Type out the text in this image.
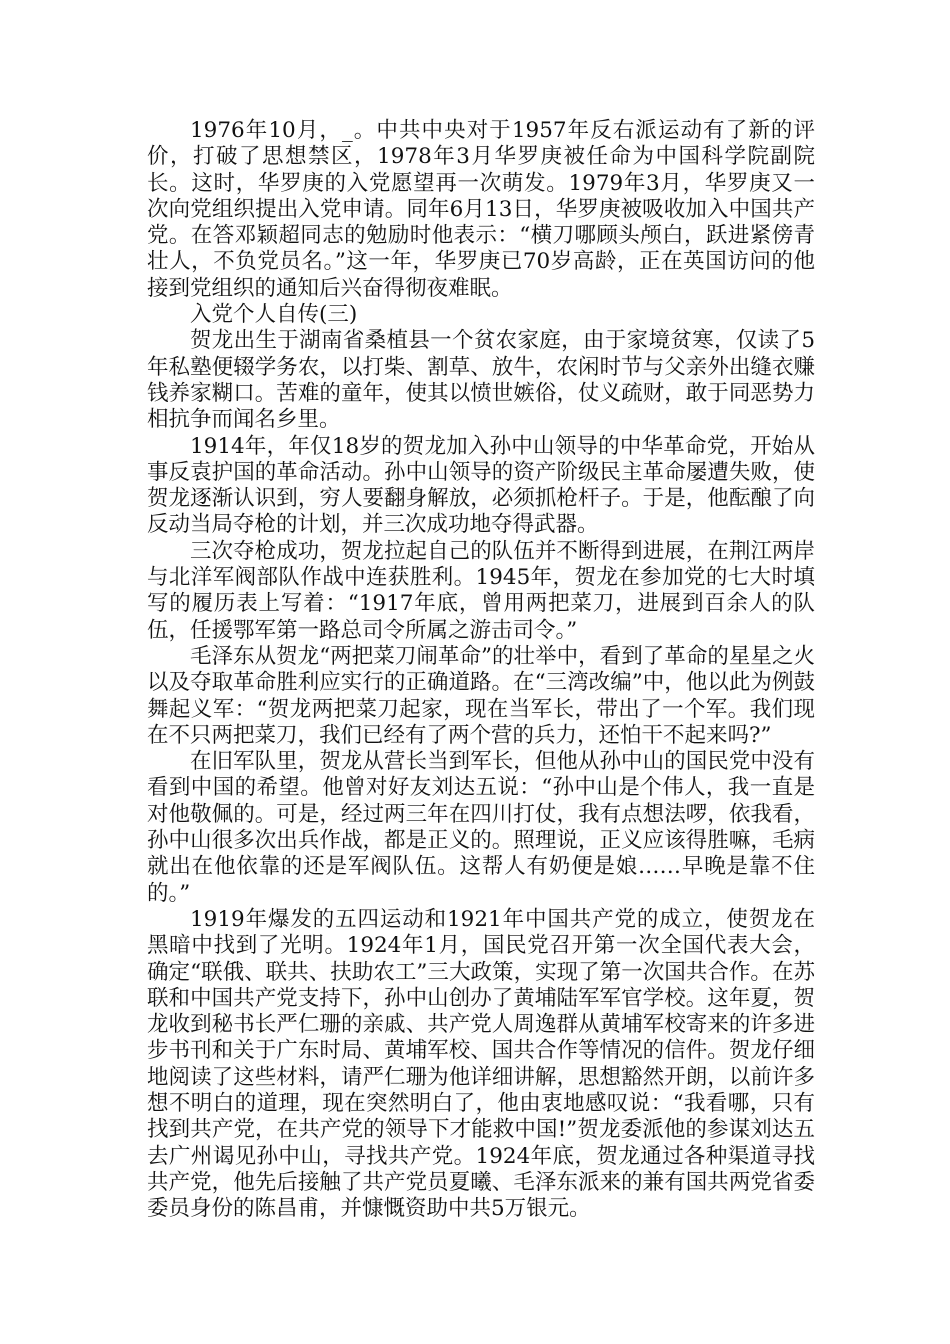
1976年10月，_。中共中央对于1957年反右派运动有了新的评价，打破了思想禁区，1978年3月华罗庚被任命为中国科学院副院长。这时，华罗庚的入党愿望再一次萌发。1979年3月，华罗庚又一次向党组织提出入党申请。同年6月13日，华罗庚被吸收加入中国共产党。在答邓颖超同志的勉励时他表示：“横刀哪顾头颅白，跃进紧傍青壮人，不负党员名。”这一年，华罗庚已70岁高龄，正在英国访问的他接到党组织的通知后兴奋得彻夜难眠。

入党个人自传(三)

贺龙出生于湖南省桑植县一个贫农家庭，由于家境贫寒，仅读了5年私塾便辍学务农，以打柴、割草、放牛，农闲时节与父亲外出缝衣赚钱养家糊口。苦难的童年，使其以愤世嫉俗，仗义疏财，敢于同恶势力相抗争而闻名乡里。

1914年，年仅18岁的贺龙加入孙中山领导的中华革命党，开始从事反袁护国的革命活动。孙中山领导的资产阶级民主革命屡遭失败，使贺龙逐渐认识到，穷人要翻身解放，必须抓枪杆子。于是，他酝酿了向反动当局夺枪的计划，并三次成功地夺得武器。

三次夺枪成功，贺龙拉起自己的队伍并不断得到进展，在荆江两岸与北洋军阀部队作战中连获胜利。1945年，贺龙在参加党的七大时填写的履历表上写着：“1917年底，曾用两把菜刀，进展到百余人的队伍，任援鄂军第一路总司令所属之游击司令。”

毛泽东从贺龙“两把菜刀闹革命”的壮举中，看到了革命的星星之火以及夺取革命胜利应实行的正确道路。在“三湾改编”中，他以此为例鼓舞起义军：“贺龙两把菜刀起家，现在当军长，带出了一个军。我们现在不只两把菜刀，我们已经有了两个营的兵力，还怕干不起来吗?”

在旧军队里，贺龙从营长当到军长，但他从孙中山的国民党中没有看到中国的希望。他曾对好友刘达五说：“孙中山是个伟人，我一直是对他敬佩的。可是，经过两三年在四川打仗，我有点想法啰，依我看，孙中山很多次出兵作战，都是正义的。照理说，正义应该得胜嘛，毛病就出在他依靠的还是军阀队伍。这帮人有奶便是娘……早晚是靠不住的。”

1919年爆发的五四运动和1921年中国共产党的成立，使贺龙在黑暗中找到了光明。1924年1月，国民党召开第一次全国代表大会，确定“联俄、联共、扶助农工”三大政策，实现了第一次国共合作。在苏联和中国共产党支持下，孙中山创办了黄埔陆军军官学校。这年夏，贺龙收到秘书长严仁珊的亲戚、共产党人周逸群从黄埔军校寄来的许多进步书刊和关于广东时局、黄埔军校、国共合作等情况的信件。贺龙仔细地阅读了这些材料，请严仁珊为他详细讲解，思想豁然开朗，以前许多想不明白的道理，现在突然明白了，他由衷地感叹说：“我看哪，只有找到共产党，在共产党的领导下才能救中国!”贺龙委派他的参谋刘达五去广州谒见孙中山，寻找共产党。1924年底，贺龙通过各种渠道寻找共产党，他先后接触了共产党员夏曦、毛泽东派来的兼有国共两党省委委员身份的陈昌甫，并慷慨资助中共5万银元。
